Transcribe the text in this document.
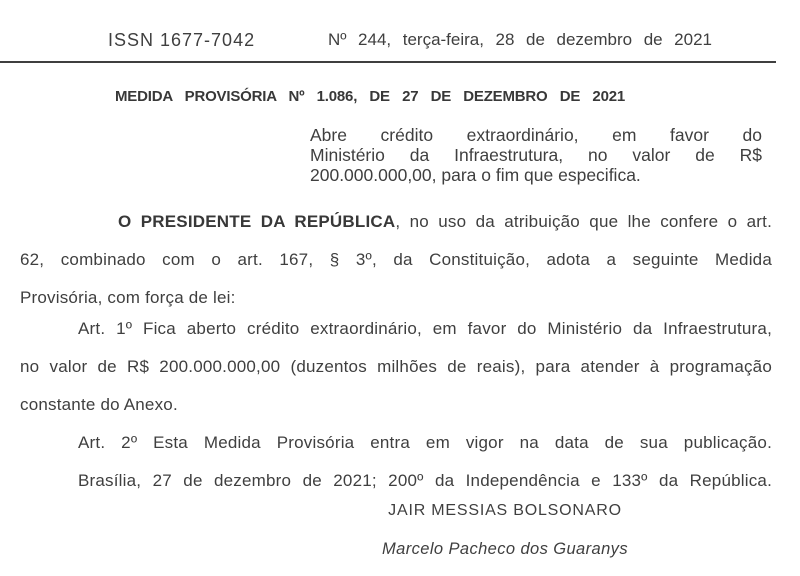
ISSN 1677-7042	Nº 244, terça-feira, 28 de dezembro de 2021
MEDIDA PROVISÓRIA Nº 1.086, DE 27 DE DEZEMBRO DE 2021
Abre crédito extraordinário, em favor do
Ministério da Infraestrutura, no valor de R$
200.000.000,00, para o fim que especifica.
O PRESIDENTE DA REPÚBLICA, no uso da atribuição que lhe confere o art.
62, combinado com o art. 167, § 3º, da Constituição, adota a seguinte Medida
Provisória, com força de lei:
Art. 1º Fica aberto crédito extraordinário, em favor do Ministério da Infraestrutura,
no valor de R$ 200.000.000,00 (duzentos milhões de reais), para atender à programação
constante do Anexo.
Art. 2º Esta Medida Provisória entra em vigor na data de sua publicação.
Brasília, 27 de dezembro de 2021; 200º da Independência e 133º da República.
JAIR MESSIAS BOLSONARO
Marcelo Pacheco dos Guaranys
